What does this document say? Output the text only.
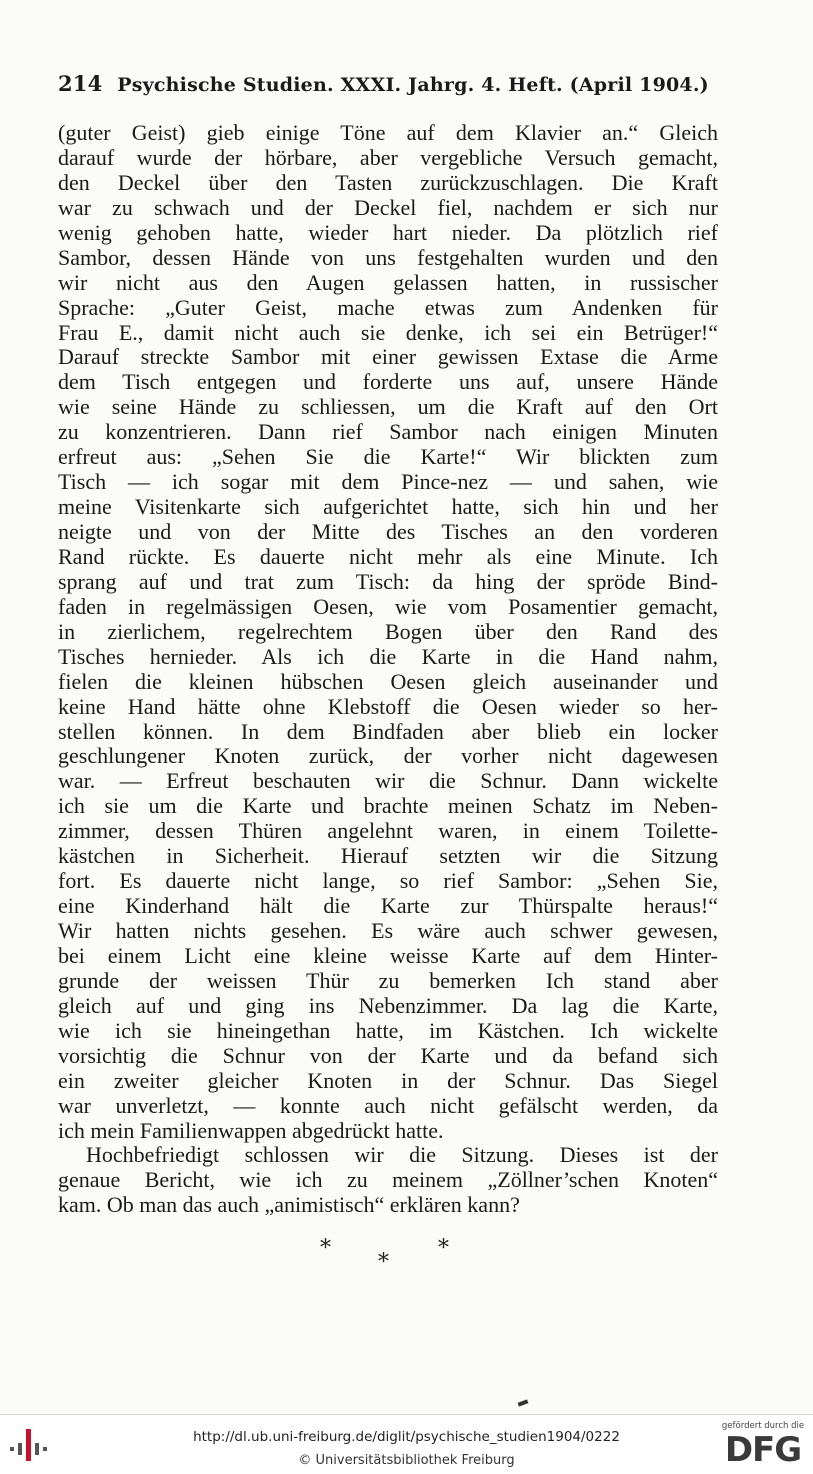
214 Psychische Studien. XXXI. Jahrg. 4. Heft. (April 1904.)
(guter Geist) gieb einige Töne auf dem Klavier an.“ Gleich
darauf wurde der hörbare, aber vergebliche Versuch gemacht,
den Deckel über den Tasten zurückzuschlagen. Die Kraft
war zu schwach und der Deckel fiel, nachdem er sich nur
wenig gehoben hatte, wieder hart nieder. Da plötzlich rief
Sambor, dessen Hände von uns festgehalten wurden und den
wir nicht aus den Augen gelassen hatten, in russischer
Sprache: „Guter Geist, mache etwas zum Andenken für
Frau E., damit nicht auch sie denke, ich sei ein Betrüger!“
Darauf streckte Sambor mit einer gewissen Extase die Arme
dem Tisch entgegen und forderte uns auf, unsere Hände
wie seine Hände zu schliessen, um die Kraft auf den Ort
zu konzentrieren. Dann rief Sambor nach einigen Minuten
erfreut aus: „Sehen Sie die Karte!“ Wir blickten zum
Tisch — ich sogar mit dem Pince-nez — und sahen, wie
meine Visitenkarte sich aufgerichtet hatte, sich hin und her
neigte und von der Mitte des Tisches an den vorderen
Rand rückte. Es dauerte nicht mehr als eine Minute. Ich
sprang auf und trat zum Tisch: da hing der spröde Bind-
faden in regelmässigen Oesen, wie vom Posamentier gemacht,
in zierlichem, regelrechtem Bogen über den Rand des
Tisches hernieder. Als ich die Karte in die Hand nahm,
fielen die kleinen hübschen Oesen gleich auseinander und
keine Hand hätte ohne Klebstoff die Oesen wieder so her-
stellen können. In dem Bindfaden aber blieb ein locker
geschlungener Knoten zurück, der vorher nicht dagewesen
war. — Erfreut beschauten wir die Schnur. Dann wickelte
ich sie um die Karte und brachte meinen Schatz im Neben-
zimmer, dessen Thüren angelehnt waren, in einem Toilette-
kästchen in Sicherheit. Hierauf setzten wir die Sitzung
fort. Es dauerte nicht lange, so rief Sambor: „Sehen Sie,
eine Kinderhand hält die Karte zur Thürspalte heraus!“
Wir hatten nichts gesehen. Es wäre auch schwer gewesen,
bei einem Licht eine kleine weisse Karte auf dem Hinter-
grunde der weissen Thür zu bemerken Ich stand aber
gleich auf und ging ins Nebenzimmer. Da lag die Karte,
wie ich sie hineingethan hatte, im Kästchen. Ich wickelte
vorsichtig die Schnur von der Karte und da befand sich
ein zweiter gleicher Knoten in der Schnur. Das Siegel
war unverletzt, — konnte auch nicht gefälscht werden, da
ich mein Familienwappen abgedrückt hatte.
Hochbefriedigt schlossen wir die Sitzung. Dieses ist der
genaue Bericht, wie ich zu meinem „Zöllner’schen Knoten“
kam. Ob man das auch „animistisch“ erklären kann?
*
*
*
http://dl.ub.uni-freiburg.de/diglit/psychische_studien1904/0222
© Universitätsbibliothek Freiburg
gefördert durch die
DFG
